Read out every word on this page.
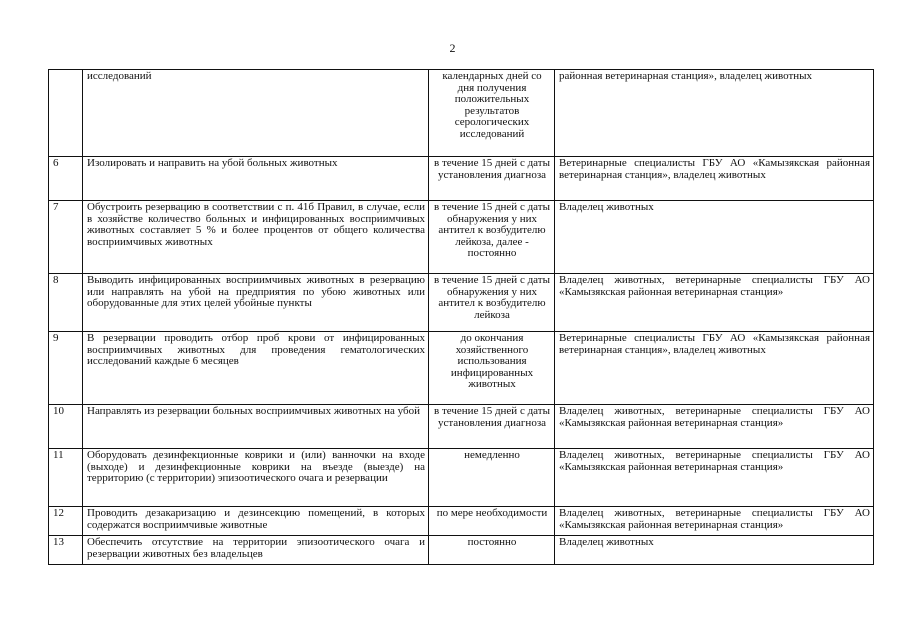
2
	исследований	календарных дней со дня получения положительных результатов серологических исследований	районная ветеринарная станция», владелец животных
6	Изолировать и направить на убой больных животных	в течение 15 дней с даты установления диагноза	Ветеринарные специалисты ГБУ АО «Камызякская районная ветеринарная станция», владелец животных
7	Обустроить резервацию в соответствии с п. 41б Правил, в случае, если в хозяйстве количество больных и инфицированных восприимчивых животных составляет 5 % и более процентов от общего количества восприимчивых животных	в течение 15 дней с даты обнаружения у них антител к возбудителю лейкоза, далее - постоянно	Владелец животных
8	Выводить инфицированных восприимчивых животных в резервацию или направлять на убой на предприятия по убою животных или оборудованные для этих целей убойные пункты	в течение 15 дней с даты обнаружения у них антител к возбудителю лейкоза	Владелец животных, ветеринарные специалисты ГБУ АО «Камызякская районная ветеринарная станция»
9	В резервации проводить отбор проб крови от инфицированных восприимчивых животных для проведения гематологических исследований каждые 6 месяцев	до окончания хозяйственного использования инфицированных животных	Ветеринарные специалисты ГБУ АО «Камызякская районная ветеринарная станция», владелец животных
10	Направлять из резервации больных восприимчивых животных на убой	в течение 15 дней с даты установления диагноза	Владелец животных, ветеринарные специалисты ГБУ АО «Камызякская районная ветеринарная станция»
11	Оборудовать дезинфекционные коврики и (или) ванночки на входе (выходе) и дезинфекционные коврики на въезде (выезде) на территорию (с территории) эпизоотического очага и резервации	немедленно	Владелец животных, ветеринарные специалисты ГБУ АО «Камызякская районная ветеринарная станция»
12	Проводить дезакаризацию и дезинсекцию помещений, в которых содержатся восприимчивые животные	по мере необходимости	Владелец животных, ветеринарные специалисты ГБУ АО «Камызякская районная ветеринарная станция»
13	Обеспечить отсутствие на территории эпизоотического очага и резервации животных без владельцев	постоянно	Владелец животных
